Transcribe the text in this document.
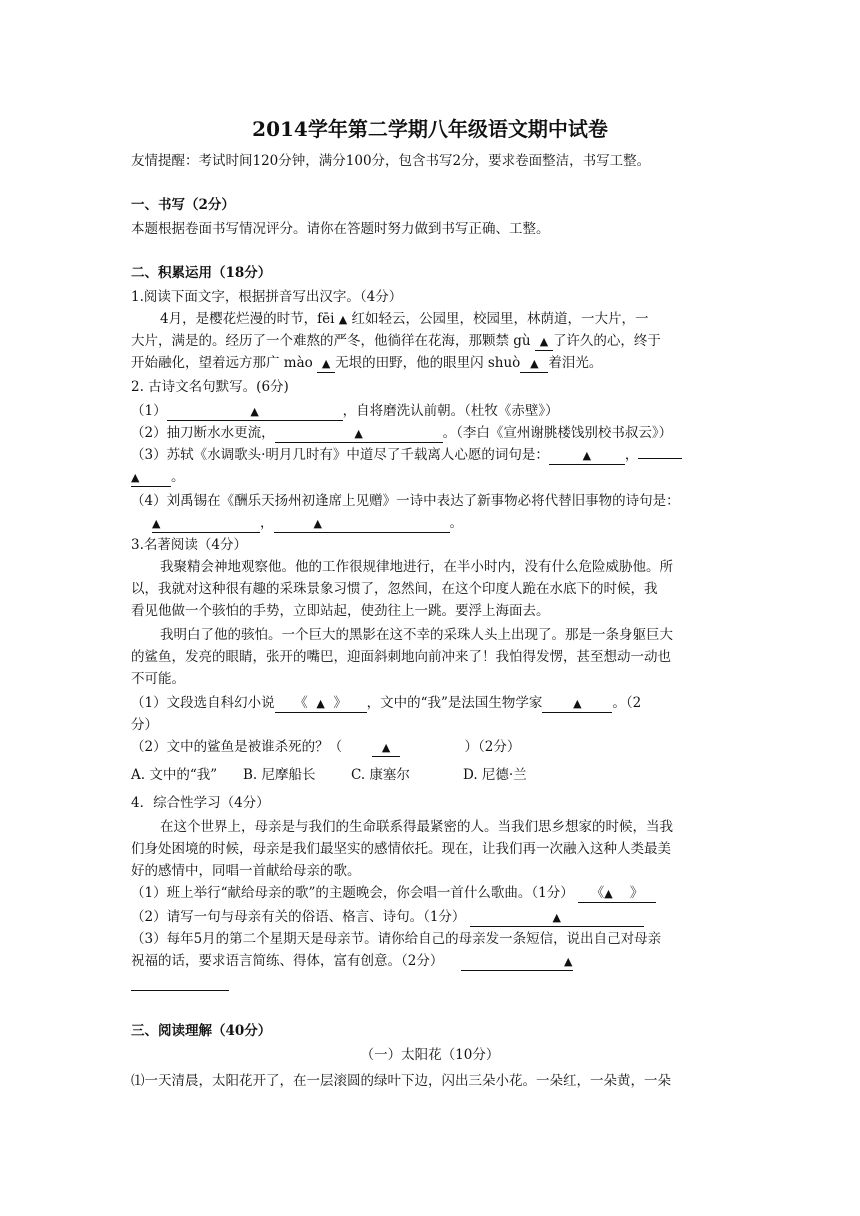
2014学年第二学期八年级语文期中试卷
友情提醒：考试时间120分钟，满分100分，包含书写2分，要求卷面整洁，书写工整。
一、书写（2分）
本题根据卷面书写情况评分。请你在答题时努力做到书写正确、工整。
二、积累运用（18分）
1.阅读下面文字，根据拼音写出汉字。（4分）
4月，是樱花烂漫的时节，fēi ▲ 红如轻云，公园里，校园里，林荫道，一大片，一
大片，满是的。经历了一个难熬的严冬，他徜徉在花海，那颗禁 gù ▲ 了许久的心，终于
开始融化，望着远方那广 mào ▲ 无垠的田野，他的眼里闪 shuò ▲ 着泪光。
2. 古诗文名句默写。(6分)
（1）	▲	，自将磨洗认前朝。（杜牧《赤壁》）
（2）抽刀断水水更流，	▲	。（李白《宣州谢朓楼饯别校书叔云》）
（3）苏轼《水调歌头·明月几时有》中道尽了千载离人心愿的词句是：	▲	，
▲ 。
（4）刘禹锡在《酬乐天扬州初逢席上见赠》一诗中表达了新事物必将代替旧事物的诗句是：
▲	，	▲	。
3.名著阅读（4分）
我聚精会神地观察他。他的工作很规律地进行，在半小时内，没有什么危险威胁他。所
以，我就对这种很有趣的采珠景象习惯了，忽然间，在这个印度人跪在水底下的时候，我
看见他做一个骇怕的手势，立即站起，使劲往上一跳。要浮上海面去。
我明白了他的骇怕。一个巨大的黑影在这不幸的采珠人头上出现了。那是一条身躯巨大
的鲨鱼，发亮的眼睛，张开的嘴巴，迎面斜刺地向前冲来了！我怕得发愣，甚至想动一动也
不可能。
（1）文段选自科幻小说 《 ▲ 》 ，文中的“我”是法国生物学家	▲ 。（2
分）
（2）文中的鲨鱼是被谁杀死的？（	▲	）（2分）
A. 文中的“我” B. 尼摩船长	C. 康塞尔	D. 尼德·兰
4．综合性学习（4分）
在这个世界上，母亲是与我们的生命联系得最紧密的人。当我们思乡想家的时候，当我
们身处困境的时候，母亲是我们最坚实的感情依托。现在，让我们再一次融入这种人类最美
好的感情中，同唱一首献给母亲的歌。
（1）班上举行“献给母亲的歌”的主题晚会，你会唱一首什么歌曲。（1分） 《▲ 》
（2）请写一句与母亲有关的俗语、格言、诗句。（1分）	▲
（3）每年5月的第二个星期天是母亲节。请你给自己的母亲发一条短信，说出自己对母亲
祝福的话，要求语言简练、得体，富有创意。（2分）	▲
三、阅读理解（40分）
（一）太阳花（10分）
⑴一天清晨，太阳花开了，在一层滚圆的绿叶下边，闪出三朵小花。一朵红，一朵黄，一朵
